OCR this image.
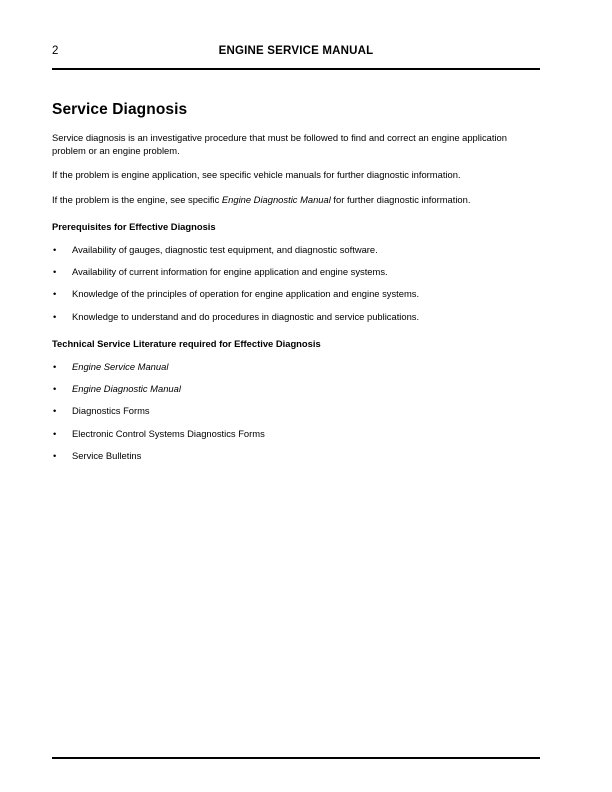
2	ENGINE SERVICE MANUAL
Service Diagnosis

Service diagnosis is an investigative procedure that must be followed to find and correct an engine application problem or an engine problem.

If the problem is engine application, see specific vehicle manuals for further diagnostic information.

If the problem is the engine, see specific Engine Diagnostic Manual for further diagnostic information.

Prerequisites for Effective Diagnosis
• Availability of gauges, diagnostic test equipment, and diagnostic software.
• Availability of current information for engine application and engine systems.
• Knowledge of the principles of operation for engine application and engine systems.
• Knowledge to understand and do procedures in diagnostic and service publications.
Technical Service Literature required for Effective Diagnosis
• Engine Service Manual
• Engine Diagnostic Manual
• Diagnostics Forms
• Electronic Control Systems Diagnostics Forms
• Service Bulletins
